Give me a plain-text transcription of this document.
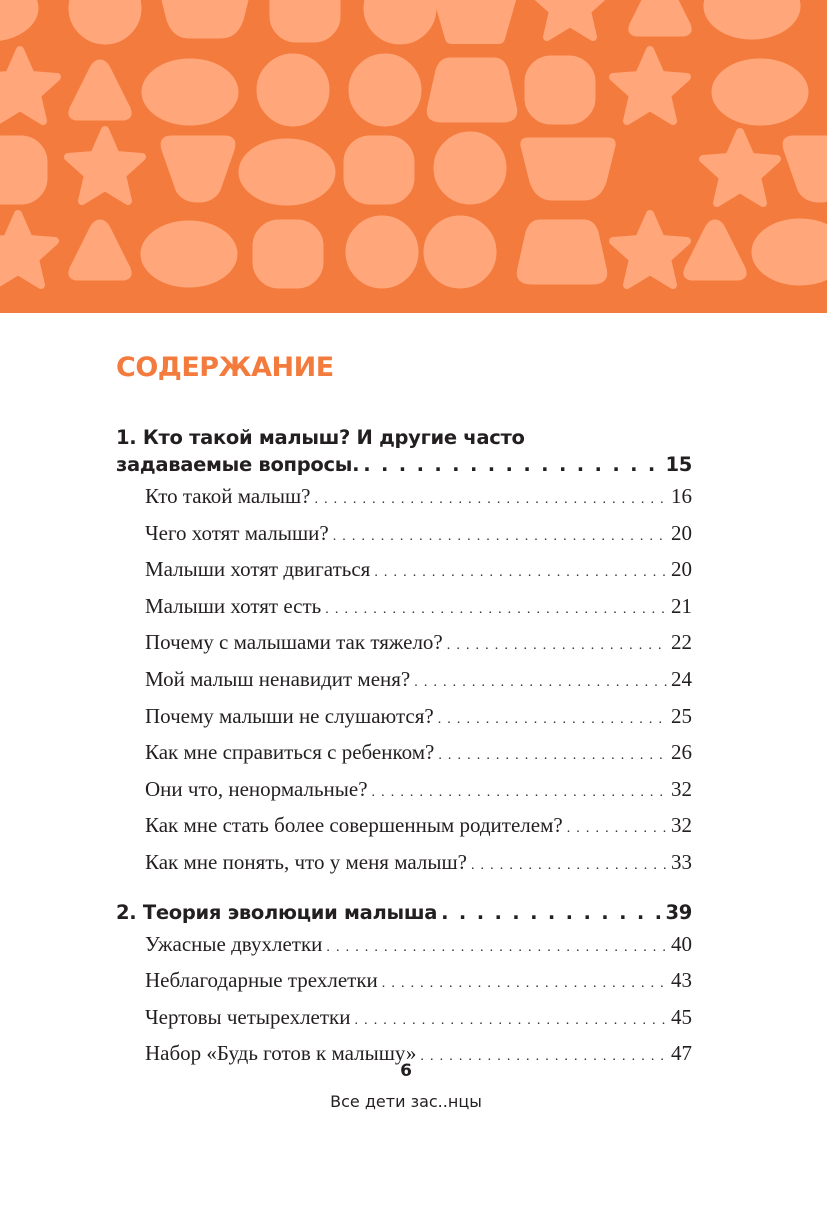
СОДЕРЖАНИЕ
1. Кто такой малыш? И другие часто
задаваемые вопросы. . . .	15
Кто такой малыш? . . .	16
Чего хотят малыши? . . .	20
Малыши хотят двигаться . . .	20
Малыши хотят есть . . .	21
Почему с малышами так тяжело? . . .	22
Мой малыш ненавидит меня? . . .	24
Почему малыши не слушаются? . . .	25
Как мне справиться с ребенком? . . .	26
Они что, ненормальные? . . .	32
Как мне стать более совершенным родителем? . . .	32
Как мне понять, что у меня малыш? . . .	33
2. Теория эволюции малыша . . .	39
Ужасные двухлетки . . .	40
Неблагодарные трехлетки . . .	43
Чертовы четырехлетки . . .	45
Набор «Будь готов к малышу» . . .	47
6
Все дети зас..нцы
